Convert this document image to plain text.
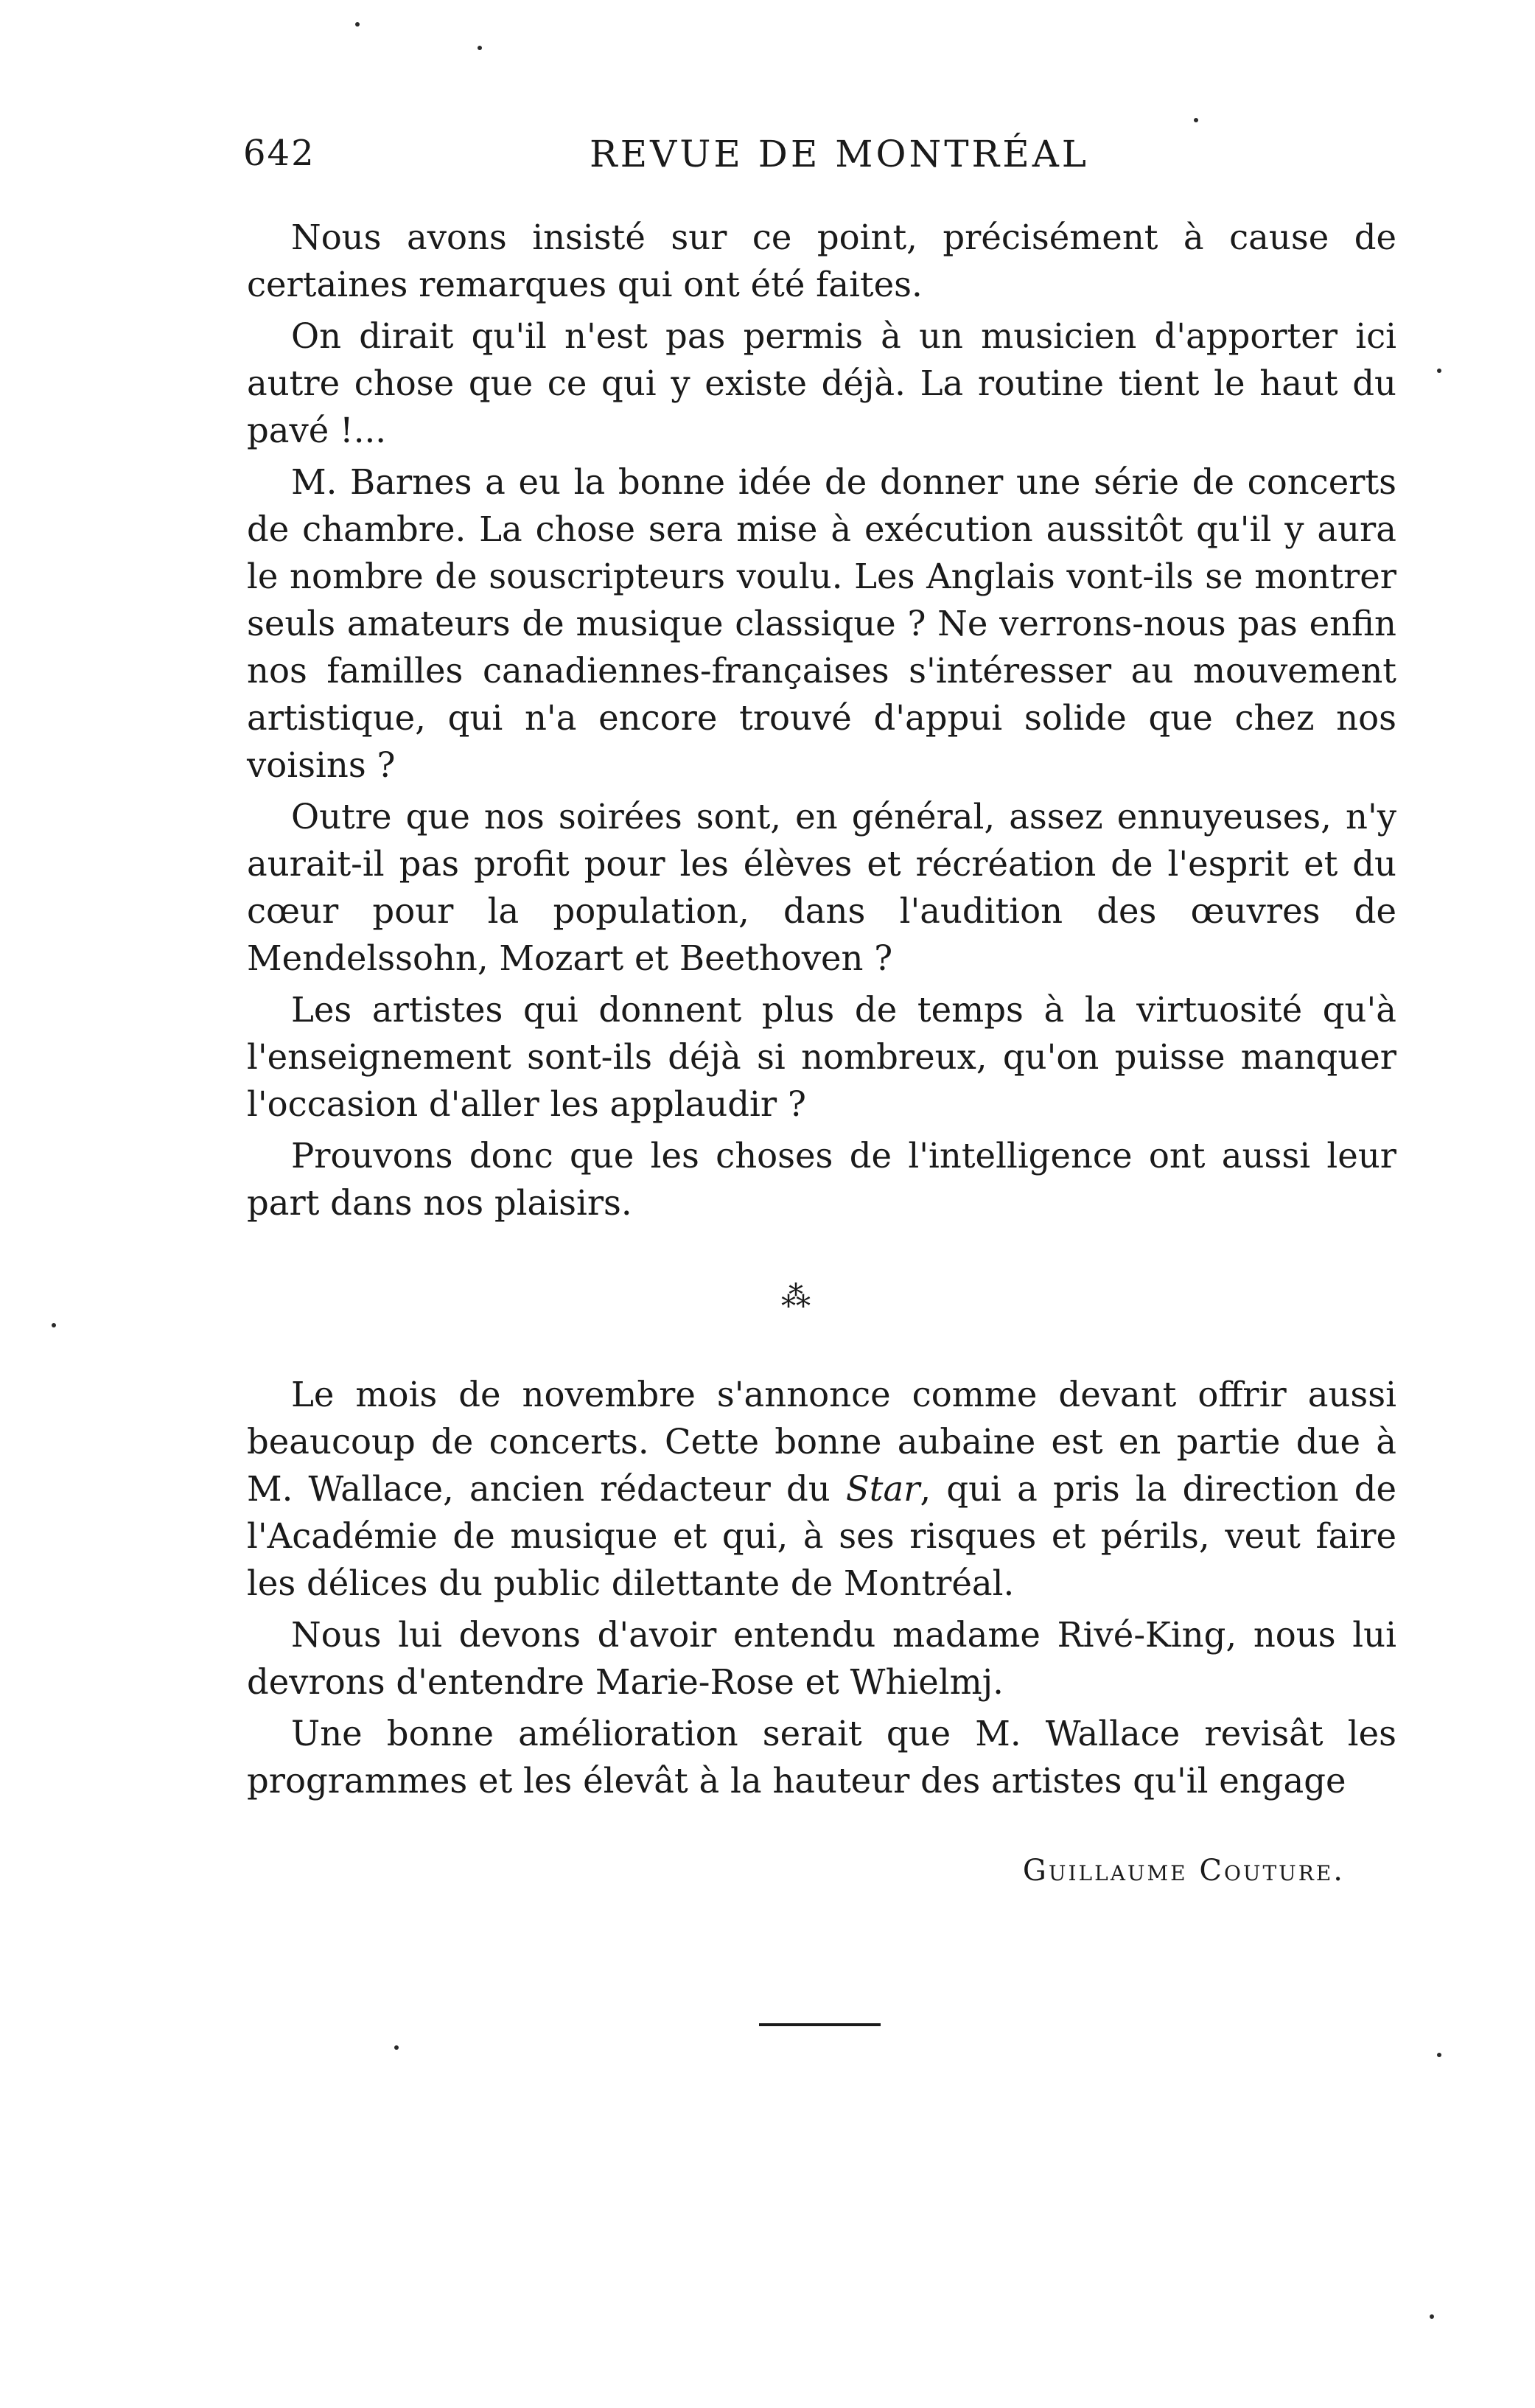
642	REVUE DE MONTRÉAL

Nous avons insisté sur ce point, précisément à cause de certaines remarques qui ont été faites.

On dirait qu'il n'est pas permis à un musicien d'apporter ici autre chose que ce qui y existe déjà. La routine tient le haut du pavé !...

M. Barnes a eu la bonne idée de donner une série de concerts de chambre. La chose sera mise à exécution aussitôt qu'il y aura le nombre de souscripteurs voulu. Les Anglais vont-ils se montrer seuls amateurs de musique classique ? Ne verrons-nous pas enfin nos familles canadiennes-françaises s'intéresser au mouvement artistique, qui n'a encore trouvé d'appui solide que chez nos voisins ?

Outre que nos soirées sont, en général, assez ennuyeuses, n'y aurait-il pas profit pour les élèves et récréation de l'esprit et du cœur pour la population, dans l'audition des œuvres de Mendelssohn, Mozart et Beethoven ?

Les artistes qui donnent plus de temps à la virtuosité qu'à l'enseignement sont-ils déjà si nombreux, qu'on puisse manquer l'occasion d'aller les applaudir ?

Prouvons donc que les choses de l'intelligence ont aussi leur part dans nos plaisirs.

⁂

Le mois de novembre s'annonce comme devant offrir aussi beaucoup de concerts. Cette bonne aubaine est en partie due à M. Wallace, ancien rédacteur du Star, qui a pris la direction de l'Académie de musique et qui, à ses risques et périls, veut faire les délices du public dilettante de Montréal.

Nous lui devons d'avoir entendu madame Rivé-King, nous lui devrons d'entendre Marie-Rose et Whielmj.

Une bonne amélioration serait que M. Wallace revisât les programmes et les élevât à la hauteur des artistes qu'il engage

Guillaume Couture.
